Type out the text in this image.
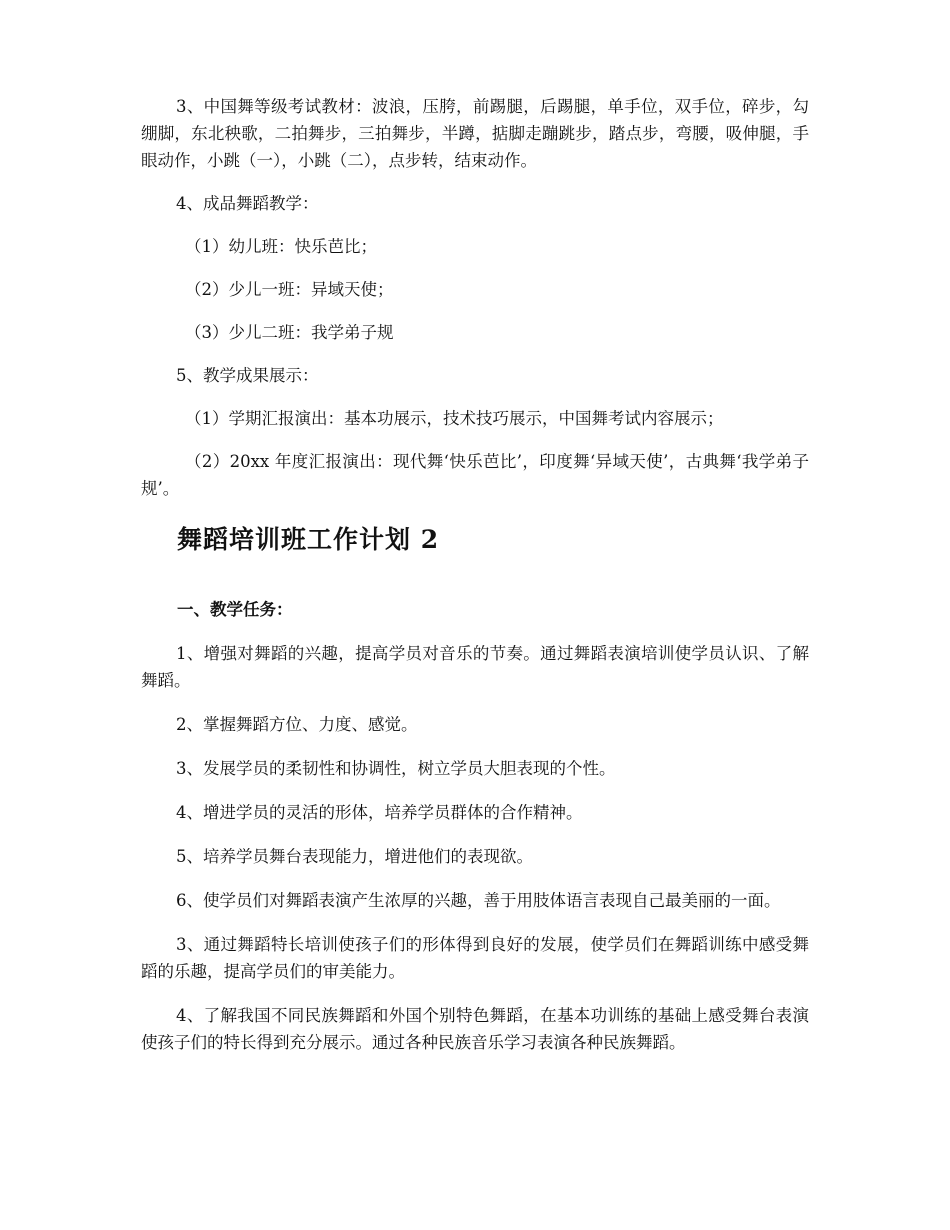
3、中国舞等级考试教材：波浪，压胯，前踢腿，后踢腿，单手位，双手位，碎步，勾绷脚，东北秧歌，二拍舞步，三拍舞步，半蹲，掂脚走蹦跳步，踏点步，弯腰，吸伸腿，手眼动作，小跳（一），小跳（二），点步转，结束动作。

4、成品舞蹈教学：

（1）幼儿班：快乐芭比；

（2）少儿一班：异域天使；

（3）少儿二班：我学弟子规

5、教学成果展示：

（1）学期汇报演出：基本功展示，技术技巧展示，中国舞考试内容展示；

（2）20xx 年度汇报演出：现代舞‘快乐芭比’，印度舞‘异域天使’，古典舞‘我学弟子规’。

舞蹈培训班工作计划 2

一、教学任务：

1、增强对舞蹈的兴趣，提高学员对音乐的节奏。通过舞蹈表演培训使学员认识、了解舞蹈。

2、掌握舞蹈方位、力度、感觉。

3、发展学员的柔韧性和协调性，树立学员大胆表现的个性。

4、增进学员的灵活的形体，培养学员群体的合作精神。

5、培养学员舞台表现能力，增进他们的表现欲。

6、使学员们对舞蹈表演产生浓厚的兴趣，善于用肢体语言表现自己最美丽的一面。

3、通过舞蹈特长培训使孩子们的形体得到良好的发展，使学员们在舞蹈训练中感受舞蹈的乐趣，提高学员们的审美能力。

4、了解我国不同民族舞蹈和外国个别特色舞蹈，在基本功训练的基础上感受舞台表演使孩子们的特长得到充分展示。通过各种民族音乐学习表演各种民族舞蹈。
